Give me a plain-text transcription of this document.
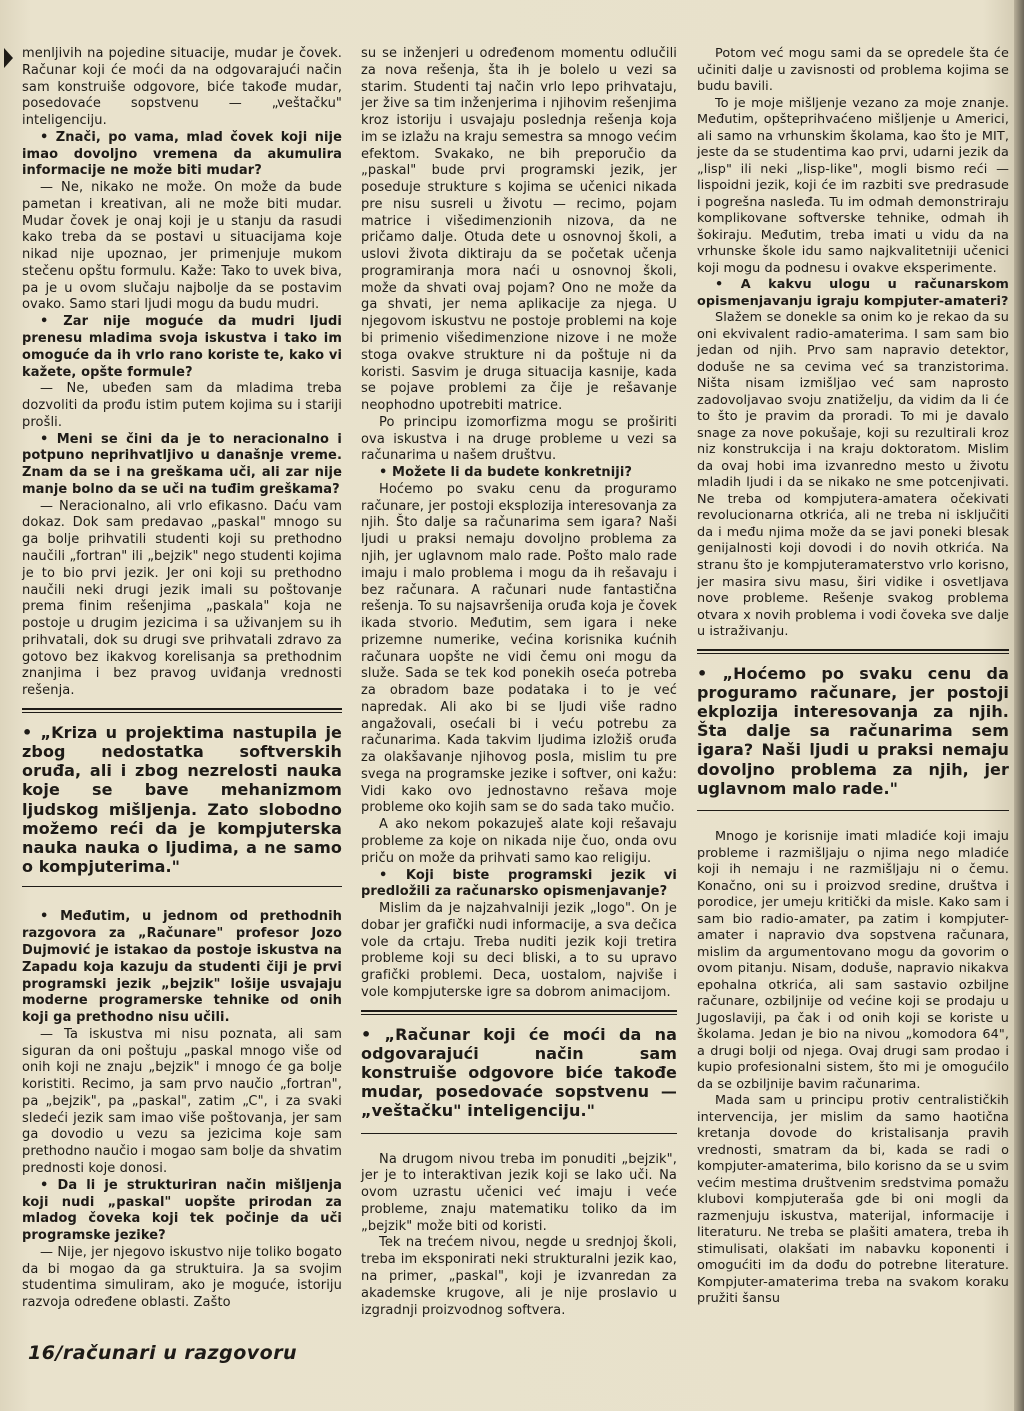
menljivih na pojedine situacije, mudar je čovek. Računar koji će moći da na odgovarajući način sam konstruiše odgovore, biće takođe mudar, posedovaće sopstvenu — „veštačku" inteligenciju.

• Znači, po vama, mlad čovek koji nije imao dovoljno vremena da akumulira informacije ne može biti mudar?

— Ne, nikako ne može. On može da bude pametan i kreativan, ali ne može biti mudar. Mudar čovek je onaj koji je u stanju da rasudi kako treba da se postavi u situacijama koje nikad nije upoznao, jer primenjuje mukom stečenu opštu formulu. Kaže: Tako to uvek biva, pa je u ovom slučaju najbolje da se postavim ovako. Samo stari ljudi mogu da budu mudri.

• Zar nije moguće da mudri ljudi prenesu mladima svoja iskustva i tako im omoguće da ih vrlo rano koriste te, kako vi kažete, opšte formule?

— Ne, ubeđen sam da mladima treba dozvoliti da prođu istim putem kojima su i stariji prošli.

• Meni se čini da je to neracionalno i potpuno neprihvatljivo u današnje vreme. Znam da se i na greškama uči, ali zar nije manje bolno da se uči na tuđim greškama?

— Neracionalno, ali vrlo efikasno. Daću vam dokaz. Dok sam predavao „paskal" mnogo su ga bolje prihvatili studenti koji su prethodno naučili „fortran" ili „bejzik" nego studenti kojima je to bio prvi jezik. Jer oni koji su prethodno naučili neki drugi jezik imali su poštovanje prema finim rešenjima „paskala" koja ne postoje u drugim jezicima i sa uživanjem su ih prihvatali, dok su drugi sve prihvatali zdravo za gotovo bez ikakvog korelisanja sa prethodnim znanjima i bez pravog uviđanja vrednosti rešenja.

• „Kriza u projektima nastupila je zbog nedostatka softverskih oruđa, ali i zbog nezrelosti nauka koje se bave mehanizmom ljudskog mišljenja. Zato slobodno možemo reći da je kompjuterska nauka nauka o ljudima, a ne samo o kompjuterima."

• Međutim, u jednom od prethodnih razgovora za „Računare" profesor Jozo Dujmović je istakao da postoje iskustva na Zapadu koja kazuju da studenti čiji je prvi programski jezik „bejzik" lošije usvajaju moderne programerske tehnike od onih koji ga prethodno nisu učili.

— Ta iskustva mi nisu poznata, ali sam siguran da oni poštuju „paskal mnogo više od onih koji ne znaju „bejzik" i mnogo će ga bolje koristiti. Recimo, ja sam prvo naučio „fortran", pa „bejzik", pa „paskal", zatim „C", i za svaki sledeći jezik sam imao više poštovanja, jer sam ga dovodio u vezu sa jezicima koje sam prethodno naučio i mogao sam bolje da shvatim prednosti koje donosi.

• Da li je strukturiran način mišljenja koji nudi „paskal" uopšte prirodan za mladog čoveka koji tek počinje da uči programske jezike?

— Nije, jer njegovo iskustvo nije toliko bogato da bi mogao da ga struktuira. Ja sa svojim studentima simuliram, ako je moguće, istoriju razvoja određene oblasti. Zašto

su se inženjeri u određenom momentu odlučili za nova rešenja, šta ih je bolelo u vezi sa starim. Studenti taj način vrlo lepo prihvataju, jer žive sa tim inženjerima i njihovim rešenjima kroz istoriju i usvajaju poslednja rešenja koja im se izlažu na kraju semestra sa mnogo većim efektom. Svakako, ne bih preporučio da „paskal" bude prvi programski jezik, jer poseduje strukture s kojima se učenici nikada pre nisu susreli u životu — recimo, pojam matrice i višedimenzionih nizova, da ne pričamo dalje. Otuda dete u osnovnoj školi, a uslovi života diktiraju da se početak učenja programiranja mora naći u osnovnoj školi, može da shvati ovaj pojam? Ono ne može da ga shvati, jer nema aplikacije za njega. U njegovom iskustvu ne postoje problemi na koje bi primenio višedimenzione nizove i ne može stoga ovakve strukture ni da poštuje ni da koristi. Sasvim je druga situacija kasnije, kada se pojave problemi za čije je rešavanje neophodno upotrebiti matrice.

Po principu izomorfizma mogu se proširiti ova iskustva i na druge probleme u vezi sa računarima u našem društvu.

• Možete li da budete konkretniji?

Hoćemo po svaku cenu da proguramo računare, jer postoji eksplozija interesovanja za njih. Što dalje sa računarima sem igara? Naši ljudi u praksi nemaju dovoljno problema za njih, jer uglavnom malo rade. Pošto malo rade imaju i malo problema i mogu da ih rešavaju i bez računara. A računari nude fantastična rešenja. To su najsavršenija oruđa koja je čovek ikada stvorio. Međutim, sem igara i neke prizemne numerike, većina korisnika kućnih računara uopšte ne vidi čemu oni mogu da služe. Sada se tek kod ponekih oseća potreba za obradom baze podataka i to je već napredak. Ali ako bi se ljudi više radno angažovali, osećali bi i veću potrebu za računarima. Kada takvim ljudima izložiš oruđa za olakšavanje njihovog posla, mislim tu pre svega na programske jezike i softver, oni kažu: Vidi kako ovo jednostavno rešava moje probleme oko kojih sam se do sada tako mučio.

A ako nekom pokazuješ alate koji rešavaju probleme za koje on nikada nije čuo, onda ovu priču on može da prihvati samo kao religiju.

• Koji biste programski jezik vi predložili za računarsko opismenjavanje?

Mislim da je najzahvalniji jezik „logo". On je dobar jer grafički nudi informacije, a sva dečica vole da crtaju. Treba nuditi jezik koji tretira probleme koji su deci bliski, a to su upravo grafički problemi. Deca, uostalom, najviše i vole kompjuterske igre sa dobrom animacijom.

• „Računar koji će moći da na odgovarajući način sam konstruiše odgovore biće takođe mudar, posedovaće sopstvenu — „veštačku" inteligenciju."

Na drugom nivou treba im ponuditi „bejzik", jer je to interaktivan jezik koji se lako uči. Na ovom uzrastu učenici već imaju i veće probleme, znaju matematiku toliko da im „bejzik" može biti od koristi.

Tek na trećem nivou, negde u srednjoj školi, treba im eksponirati neki strukturalni jezik kao, na primer, „paskal", koji je izvanredan za akademske krugove, ali je nije proslavio u izgradnji proizvodnog softvera.

Potom već mogu sami da se opredele šta će učiniti dalje u zavisnosti od problema kojima se budu bavili.

To je moje mišljenje vezano za moje znanje. Međutim, opšteprihvaćeno mišljenje u Americi, ali samo na vrhunskim školama, kao što je MIT, jeste da se studentima kao prvi, udarni jezik da „lisp" ili neki „lisp-like", mogli bismo reći — lispoidni jezik, koji će im razbiti sve predrasude i pogrešna nasleđa. Tu im odmah demonstriraju komplikovane softverske tehnike, odmah ih šokiraju. Međutim, treba imati u vidu da na vrhunske škole idu samo najkvalitetniji učenici koji mogu da podnesu i ovakve eksperimente.

• A kakvu ulogu u računarskom opismenjavanju igraju kompjuter-amateri?

Slažem se donekle sa onim ko je rekao da su oni ekvivalent radio-amaterima. I sam sam bio jedan od njih. Prvo sam napravio detektor, doduše ne sa cevima već sa tranzistorima. Ništa nisam izmišljao već sam naprosto zadovoljavao svoju znatiželju, da vidim da li će to što je pravim da proradi. To mi je davalo snage za nove pokušaje, koji su rezultirali kroz niz konstrukcija i na kraju doktoratom. Mislim da ovaj hobi ima izvanredno mesto u životu mladih ljudi i da se nikako ne sme potcenjivati. Ne treba od kompjutera-amatera očekivati revolucionarna otkrića, ali ne treba ni isključiti da i među njima može da se javi poneki blesak genijalnosti koji dovodi i do novih otkrića. Na stranu što je kompjuteramaterstvo vrlo korisno, jer masira sivu masu, širi vidike i osvetljava nove probleme. Rešenje svakog problema otvara x novih problema i vodi čoveka sve dalje u istraživanju.

• „Hoćemo po svaku cenu da proguramo računare, jer postoji ekplozija interesovanja za njih. Šta dalje sa računarima sem igara? Naši ljudi u praksi nemaju dovoljno problema za njih, jer uglavnom malo rade."

Mnogo je korisnije imati mladiće koji imaju probleme i razmišljaju o njima nego mladiće koji ih nemaju i ne razmišljaju ni o čemu. Konačno, oni su i proizvod sredine, društva i porodice, jer umeju kritički da misle. Kako sam i sam bio radio-amater, pa zatim i kompjuter-amater i napravio dva sopstvena računara, mislim da argumentovano mogu da govorim o ovom pitanju. Nisam, doduše, napravio nikakva epohalna otkrića, ali sam sastavio ozbiljne računare, ozbiljnije od većine koji se prodaju u Jugoslaviji, pa čak i od onih koji se koriste u školama. Jedan je bio na nivou „komodora 64", a drugi bolji od njega. Ovaj drugi sam prodao i kupio profesionalni sistem, što mi je omogućilo da se ozbiljnije bavim računarima.

Mada sam u principu protiv centralističkih intervencija, jer mislim da samo haotična kretanja dovode do kristalisanja pravih vrednosti, smatram da bi, kada se radi o kompjuter-amaterima, bilo korisno da se u svim većim mestima društvenim sredstvima pomažu klubovi kompjuteraša gde bi oni mogli da razmenjuju iskustva, materijal, informacije i literaturu. Ne treba se plašiti amatera, treba ih stimulisati, olakšati im nabavku koponenti i omogućiti im da dođu do potrebne literature. Kompjuter-amaterima treba na svakom koraku pružiti šansu

16/računari u razgovoru
